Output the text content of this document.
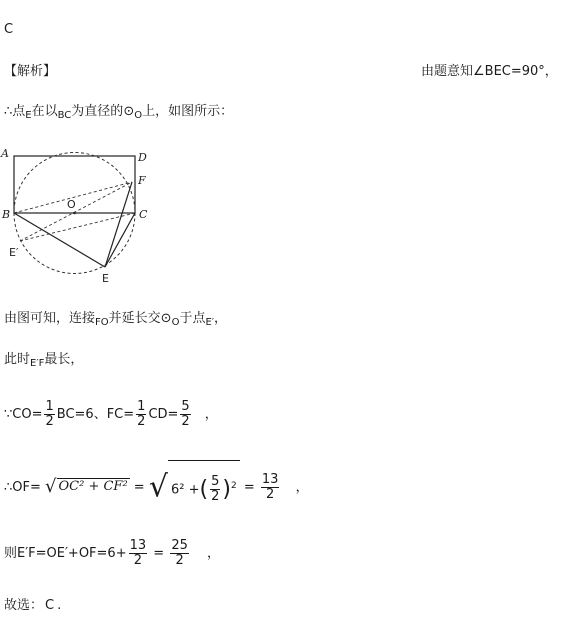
C
【解析】	由题意知∠BEC=90°，
∴点$_E$在以$_{BC}$为直径的$⊙_O$上，如图所示：
A	D
F
B
O
C
E′
E
由图可知，连接$_{FO}$并延长交$⊙_O$于点$_{E'}$，
此时$_{E'F}$最长，
∵CO= $\frac{1}{2} BC=6$、$FC= \frac{1}{2} CD= \frac{5}{2}$ ，
∴OF= √ OC² + CF² = √ 6² +( $\frac{5}{2} )^2 = \frac{13}{2}$ ，
则$E'F=OE'+OF=6+ \frac{13}{2} = \frac{25}{2}$ ，
故选： C .
